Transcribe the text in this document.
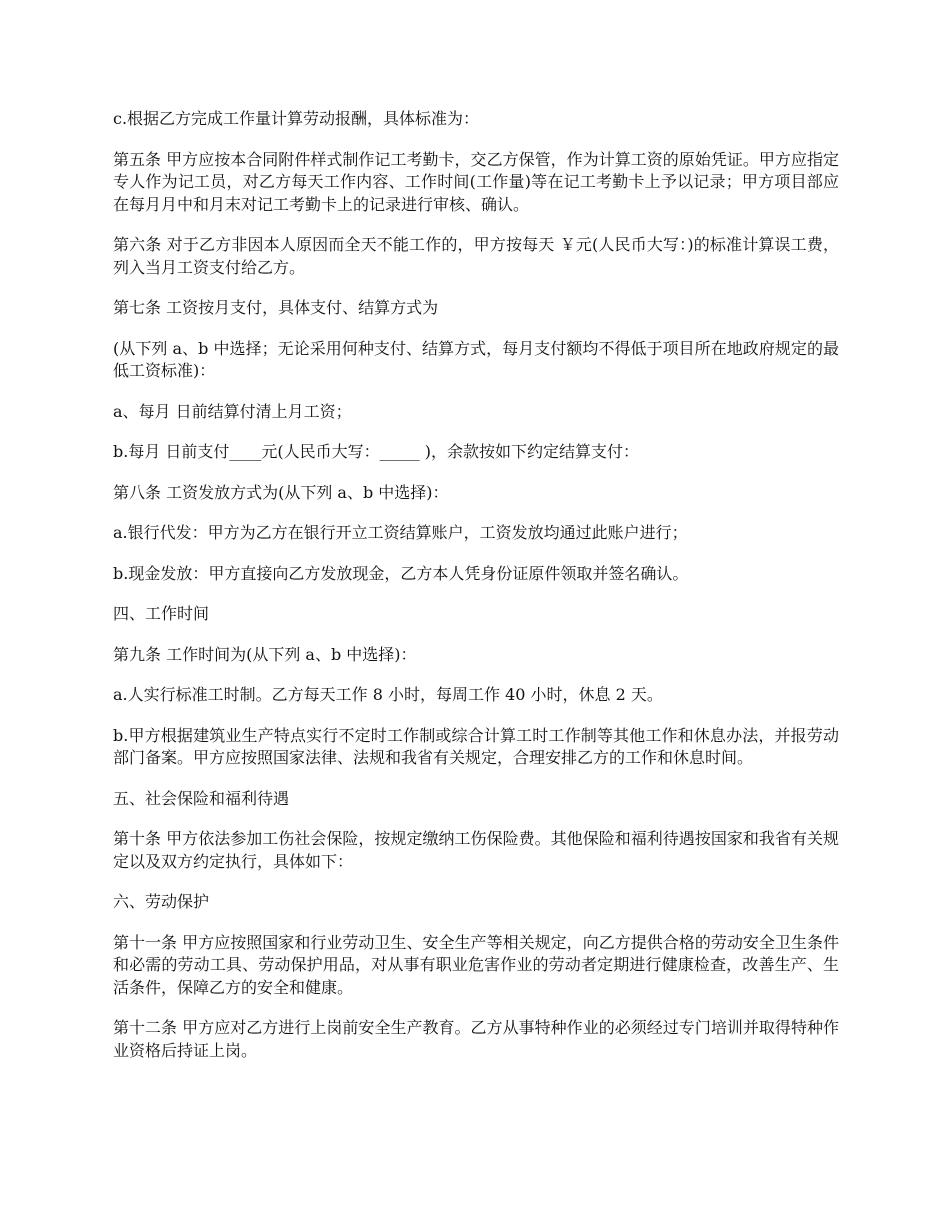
c.根据乙方完成工作量计算劳动报酬，具体标准为：

第五条 甲方应按本合同附件样式制作记工考勤卡，交乙方保管，作为计算工资的原始凭证。甲方应指定专人作为记工员，对乙方每天工作内容、工作时间(工作量)等在记工考勤卡上予以记录；甲方项目部应在每月月中和月末对记工考勤卡上的记录进行审核、确认。

第六条 对于乙方非因本人原因而全天不能工作的，甲方按每天 ￥元(人民币大写：)的标准计算误工费，列入当月工资支付给乙方。

第七条 工资按月支付，具体支付、结算方式为

(从下列 a、b 中选择；无论采用何种支付、结算方式，每月支付额均不得低于项目所在地政府规定的最低工资标准)：

a、每月 日前结算付清上月工资；

b.每月 日前支付____元(人民币大写：_____ )，余款按如下约定结算支付：

第八条 工资发放方式为(从下列 a、b 中选择)：

a.银行代发：甲方为乙方在银行开立工资结算账户，工资发放均通过此账户进行；

b.现金发放：甲方直接向乙方发放现金，乙方本人凭身份证原件领取并签名确认。

四、工作时间

第九条 工作时间为(从下列 a、b 中选择)：

a.人实行标准工时制。乙方每天工作 8 小时，每周工作 40 小时，休息 2 天。

b.甲方根据建筑业生产特点实行不定时工作制或综合计算工时工作制等其他工作和休息办法，并报劳动部门备案。甲方应按照国家法律、法规和我省有关规定，合理安排乙方的工作和休息时间。

五、社会保险和福利待遇

第十条 甲方依法参加工伤社会保险，按规定缴纳工伤保险费。其他保险和福利待遇按国家和我省有关规定以及双方约定执行，具体如下：

六、劳动保护

第十一条 甲方应按照国家和行业劳动卫生、安全生产等相关规定，向乙方提供合格的劳动安全卫生条件和必需的劳动工具、劳动保护用品，对从事有职业危害作业的劳动者定期进行健康检查，改善生产、生活条件，保障乙方的安全和健康。

第十二条 甲方应对乙方进行上岗前安全生产教育。乙方从事特种作业的必须经过专门培训并取得特种作业资格后持证上岗。
